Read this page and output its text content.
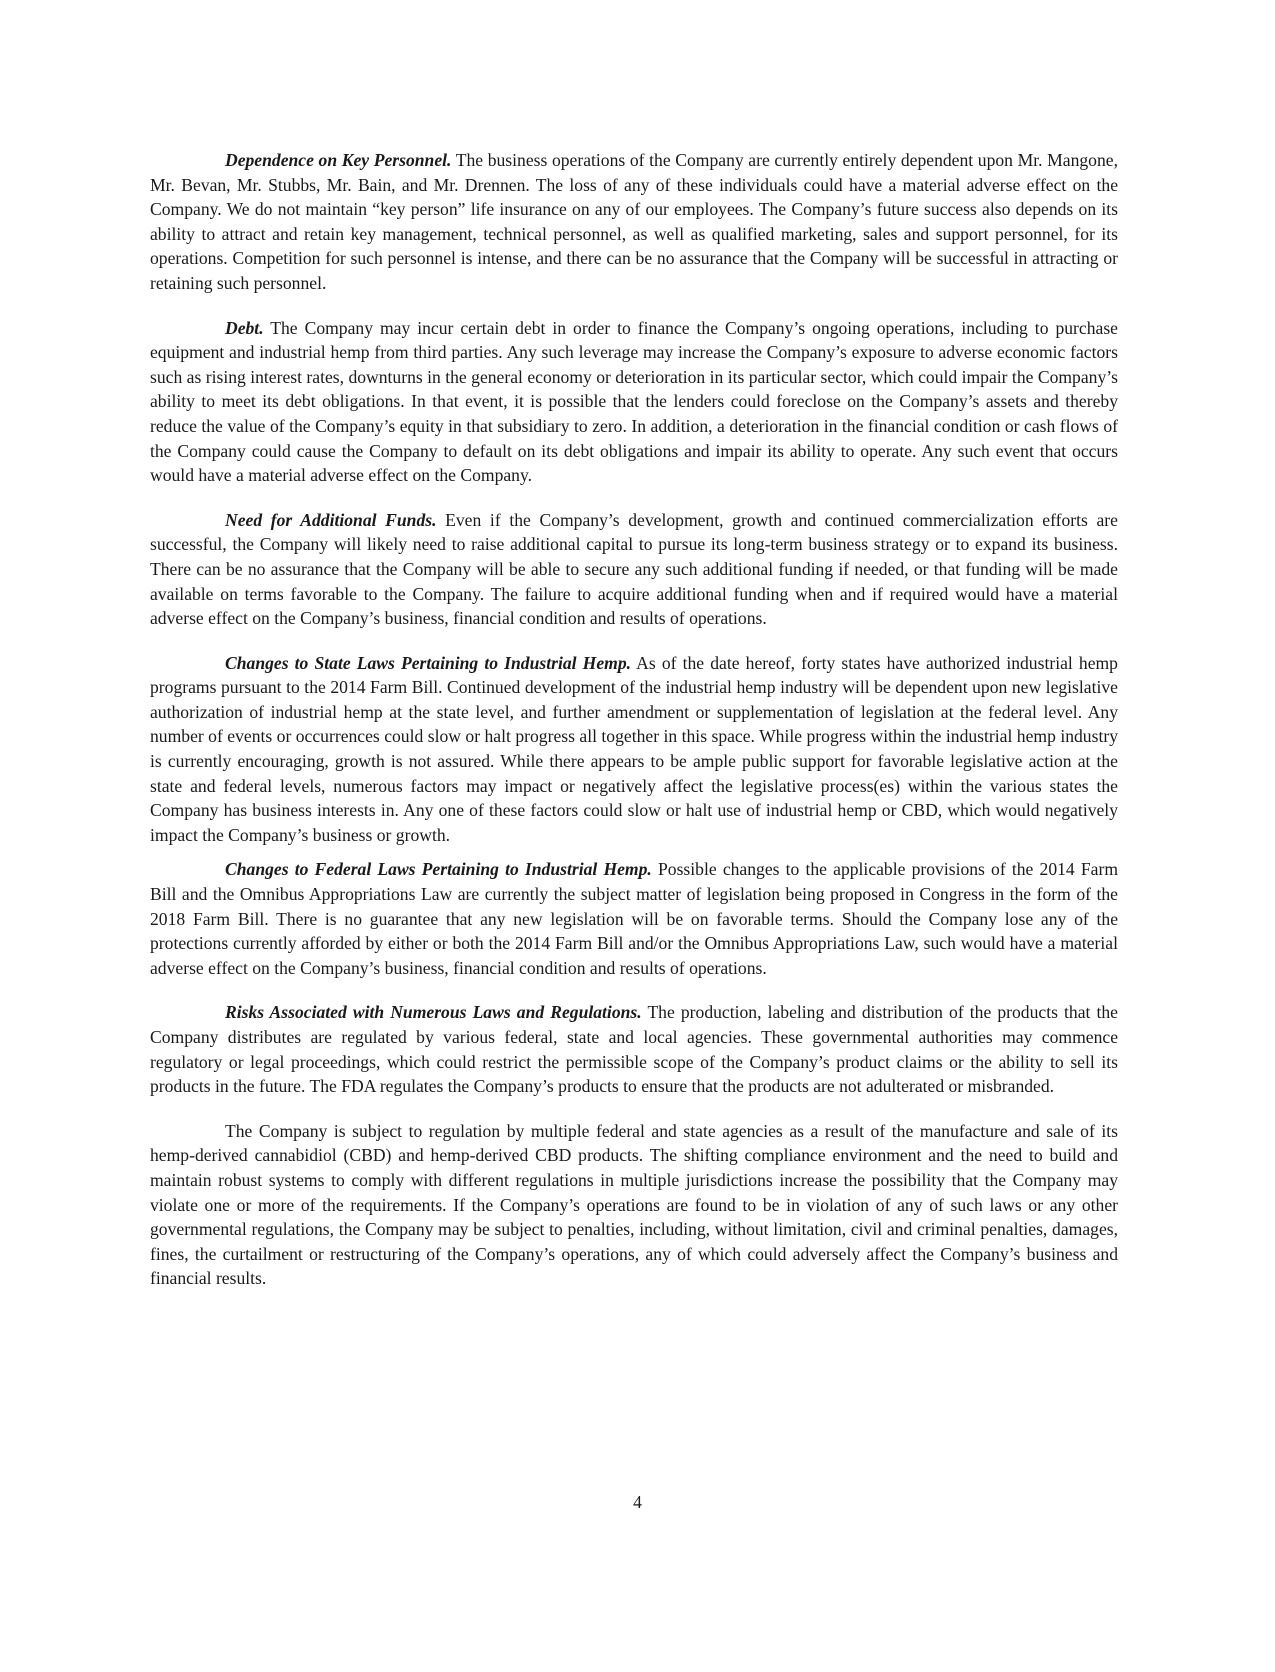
Dependence on Key Personnel. The business operations of the Company are currently entirely dependent upon Mr. Mangone, Mr. Bevan, Mr. Stubbs, Mr. Bain, and Mr. Drennen. The loss of any of these individuals could have a material adverse effect on the Company. We do not maintain “key person” life insurance on any of our employees. The Company’s future success also depends on its ability to attract and retain key management, technical personnel, as well as qualified marketing, sales and support personnel, for its operations. Competition for such personnel is intense, and there can be no assurance that the Company will be successful in attracting or retaining such personnel.

Debt. The Company may incur certain debt in order to finance the Company’s ongoing operations, including to purchase equipment and industrial hemp from third parties. Any such leverage may increase the Company’s exposure to adverse economic factors such as rising interest rates, downturns in the general economy or deterioration in its particular sector, which could impair the Company’s ability to meet its debt obligations. In that event, it is possible that the lenders could foreclose on the Company’s assets and thereby reduce the value of the Company’s equity in that subsidiary to zero. In addition, a deterioration in the financial condition or cash flows of the Company could cause the Company to default on its debt obligations and impair its ability to operate. Any such event that occurs would have a material adverse effect on the Company.

Need for Additional Funds. Even if the Company’s development, growth and continued commercialization efforts are successful, the Company will likely need to raise additional capital to pursue its long-term business strategy or to expand its business. There can be no assurance that the Company will be able to secure any such additional funding if needed, or that funding will be made available on terms favorable to the Company. The failure to acquire additional funding when and if required would have a material adverse effect on the Company’s business, financial condition and results of operations.

Changes to State Laws Pertaining to Industrial Hemp. As of the date hereof, forty states have authorized industrial hemp programs pursuant to the 2014 Farm Bill. Continued development of the industrial hemp industry will be dependent upon new legislative authorization of industrial hemp at the state level, and further amendment or supplementation of legislation at the federal level. Any number of events or occurrences could slow or halt progress all together in this space. While progress within the industrial hemp industry is currently encouraging, growth is not assured. While there appears to be ample public support for favorable legislative action at the state and federal levels, numerous factors may impact or negatively affect the legislative process(es) within the various states the Company has business interests in. Any one of these factors could slow or halt use of industrial hemp or CBD, which would negatively impact the Company’s business or growth.

Changes to Federal Laws Pertaining to Industrial Hemp. Possible changes to the applicable provisions of the 2014 Farm Bill and the Omnibus Appropriations Law are currently the subject matter of legislation being proposed in Congress in the form of the 2018 Farm Bill. There is no guarantee that any new legislation will be on favorable terms. Should the Company lose any of the protections currently afforded by either or both the 2014 Farm Bill and/or the Omnibus Appropriations Law, such would have a material adverse effect on the Company’s business, financial condition and results of operations.

Risks Associated with Numerous Laws and Regulations. The production, labeling and distribution of the products that the Company distributes are regulated by various federal, state and local agencies. These governmental authorities may commence regulatory or legal proceedings, which could restrict the permissible scope of the Company’s product claims or the ability to sell its products in the future. The FDA regulates the Company’s products to ensure that the products are not adulterated or misbranded.

The Company is subject to regulation by multiple federal and state agencies as a result of the manufacture and sale of its hemp-derived cannabidiol (CBD) and hemp-derived CBD products. The shifting compliance environment and the need to build and maintain robust systems to comply with different regulations in multiple jurisdictions increase the possibility that the Company may violate one or more of the requirements. If the Company’s operations are found to be in violation of any of such laws or any other governmental regulations, the Company may be subject to penalties, including, without limitation, civil and criminal penalties, damages, fines, the curtailment or restructuring of the Company’s operations, any of which could adversely affect the Company’s business and financial results.

4
